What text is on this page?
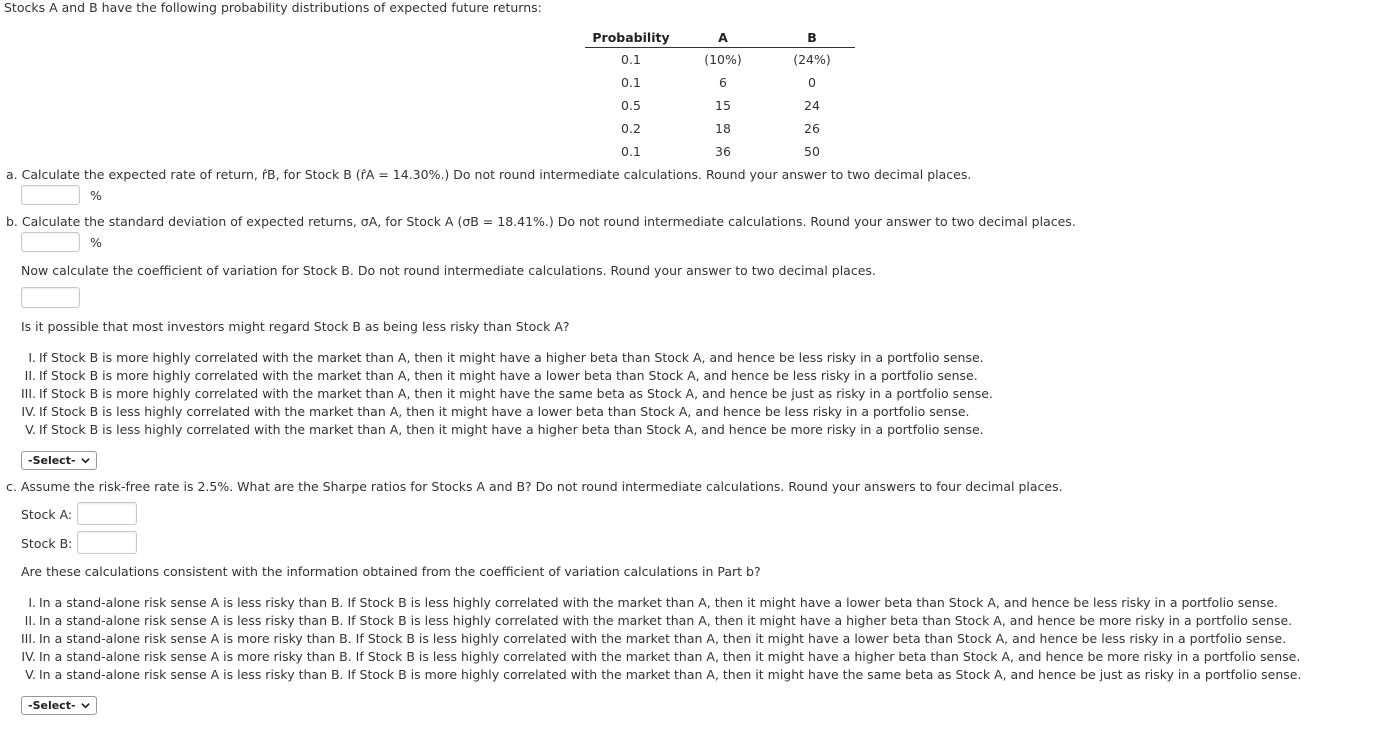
Stocks A and B have the following probability distributions of expected future returns:
Probability	A	B
0.1	(10%)	(24%)
0.1	6	0
0.5	15	24
0.2	18	26
0.1	36	50
a. Calculate the expected rate of return, r̂B, for Stock B (r̂A = 14.30%.) Do not round intermediate calculations. Round your answer to two decimal places.
%
b. Calculate the standard deviation of expected returns, σA, for Stock A (σB = 18.41%.) Do not round intermediate calculations. Round your answer to two decimal places.
%
Now calculate the coefficient of variation for Stock B. Do not round intermediate calculations. Round your answer to two decimal places.
Is it possible that most investors might regard Stock B as being less risky than Stock A?
I. If Stock B is more highly correlated with the market than A, then it might have a higher beta than Stock A, and hence be less risky in a portfolio sense.
II. If Stock B is more highly correlated with the market than A, then it might have a lower beta than Stock A, and hence be less risky in a portfolio sense.
III. If Stock B is more highly correlated with the market than A, then it might have the same beta as Stock A, and hence be just as risky in a portfolio sense.
IV. If Stock B is less highly correlated with the market than A, then it might have a lower beta than Stock A, and hence be less risky in a portfolio sense.
V. If Stock B is less highly correlated with the market than A, then it might have a higher beta than Stock A, and hence be more risky in a portfolio sense.
-Select-
c. Assume the risk-free rate is 2.5%. What are the Sharpe ratios for Stocks A and B? Do not round intermediate calculations. Round your answers to four decimal places.
Stock A:
Stock B:
Are these calculations consistent with the information obtained from the coefficient of variation calculations in Part b?
I. In a stand-alone risk sense A is less risky than B. If Stock B is less highly correlated with the market than A, then it might have a lower beta than Stock A, and hence be less risky in a portfolio sense.
II. In a stand-alone risk sense A is less risky than B. If Stock B is less highly correlated with the market than A, then it might have a higher beta than Stock A, and hence be more risky in a portfolio sense.
III. In a stand-alone risk sense A is more risky than B. If Stock B is less highly correlated with the market than A, then it might have a lower beta than Stock A, and hence be less risky in a portfolio sense.
IV. In a stand-alone risk sense A is more risky than B. If Stock B is less highly correlated with the market than A, then it might have a higher beta than Stock A, and hence be more risky in a portfolio sense.
V. In a stand-alone risk sense A is less risky than B. If Stock B is more highly correlated with the market than A, then it might have the same beta as Stock A, and hence be just as risky in a portfolio sense.
-Select-
